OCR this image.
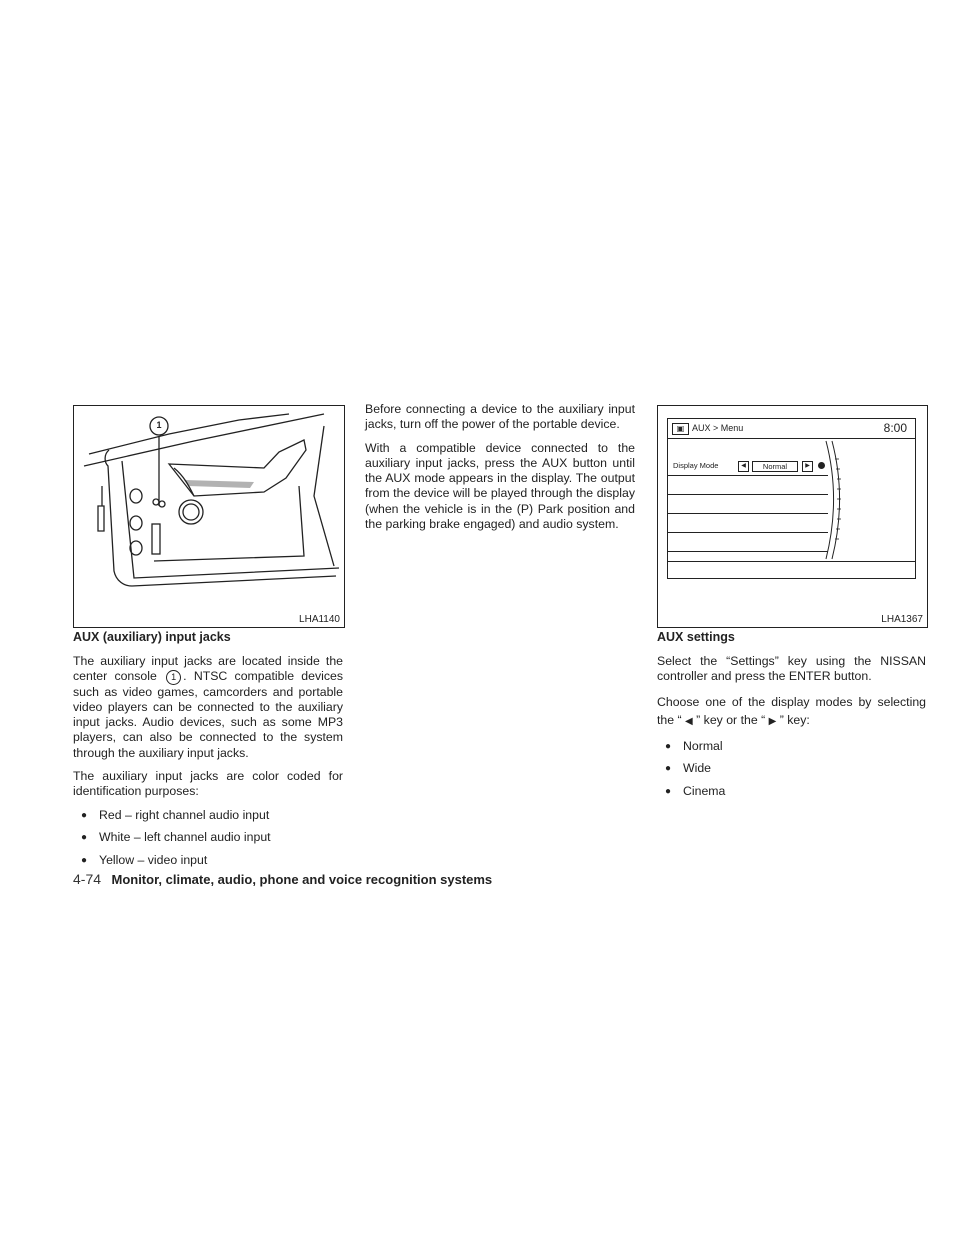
1
LHA1140
AUX (auxiliary) input jacks

The auxiliary input jacks are located inside the center console 1 . NTSC compatible devices such as video games, camcorders and portable video players can be connected to the auxiliary input jacks. Audio devices, such as some MP3 players, can also be connected to the system through the auxiliary input jacks.

The auxiliary input jacks are color coded for identification purposes:

● Red – right channel audio input
● White – left channel audio input
● Yellow – video input

Before connecting a device to the auxiliary input jacks, turn off the power of the portable device.

With a compatible device connected to the auxiliary input jacks, press the AUX button until the AUX mode appears in the display. The output from the device will be played through the display (when the vehicle is in the (P) Park position and the parking brake engaged) and audio system.

▣ AUX > Menu	8:00
Display Mode	◀	Normal	▶
LHA1367
AUX settings

Select the “Settings” key using the NISSAN controller and press the ENTER button.

Choose one of the display modes by selecting the “ ◀ ” key or the “ ▶ ” key:

● Normal
● Wide
● Cinema
4-74 Monitor, climate, audio, phone and voice recognition systems
